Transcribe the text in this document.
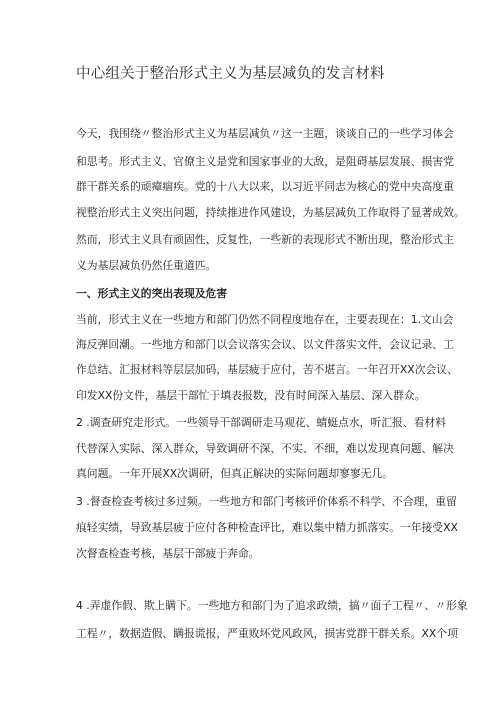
中心组关于整治形式主义为基层减负的发言材料
今天，我围绕〃整治形式主义为基层减负〃这一主题，谈谈自己的一些学习体会
和思考。形式主义、官僚主义是党和国家事业的大敌，是阻碍基层发展、损害党
群干群关系的顽瘴痼疾。党的十八大以来，以习近平同志为核心的党中央高度重
视整治形式主义突出问题，持续推进作风建设，为基层减负工作取得了显著成效。
然而，形式主义具有顽固性、反复性，一些新的表现形式不断出现，整治形式主
义为基层减负仍然任重道匹。
一、形式主义的突出表现及危害
当前，形式主义在一些地方和部门仍然不同程度地存在，主要表现在：1.文山会
海反弹回潮。一些地方和部门以会议落实会议、以文件落实文件，会议记录、工
作总结、汇报材料等层层加码，基层疲于应付，苦不堪言。一年召开XX次会议、
印发XX份文件，基层干部忙于填表报数，没有时间深入基层、深入群众。
2 .调查研究走形式。一些领导干部调研走马观花、蜻蜓点水，听汇报、看材料
代替深入实际、深入群众，导致调研不深、不实、不细，难以发现真问题、解决
真问题。一年开展XX次调研，但真正解决的实际问题却寥寥无几。
3 .督查检查考核过多过频。一些地方和部门考核评价体系不科学、不合理，重留
痕轻实绩，导致基层疲于应付各种检查评比，难以集中精力抓落实。一年接受XX
次督查检查考核，基层干部疲于奔命。
4 .弄虚作假、欺上瞒下。一些地方和部门为了追求政绩，搞〃面子工程〃、〃形象
工程〃，数据造假、瞒报谎报，严重败坏党风政风，损害党群干群关系。XX个项
